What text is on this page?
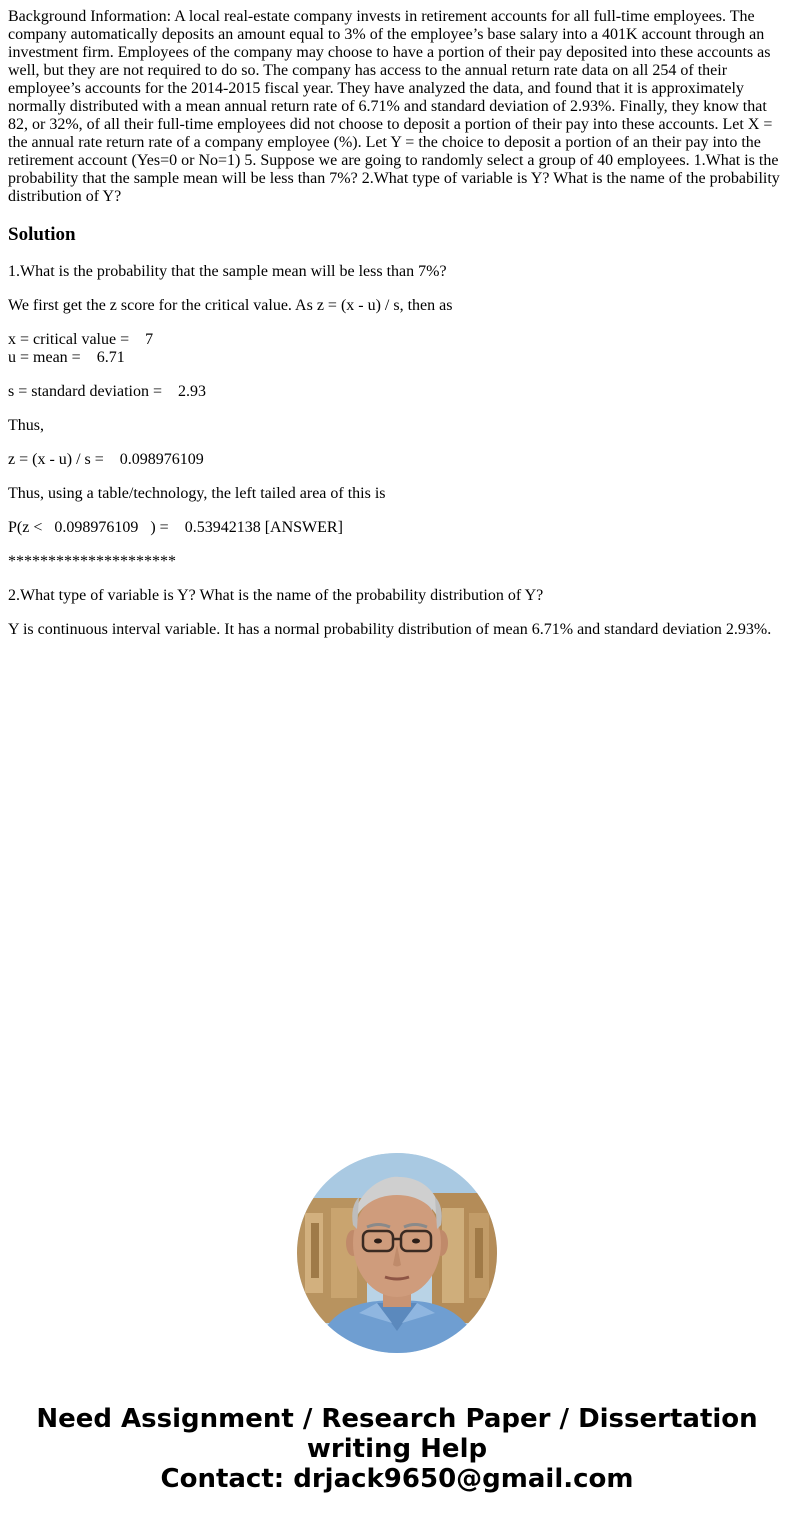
Background Information: A local real-estate company invests in retirement accounts for all full-time employees. The company automatically deposits an amount equal to 3% of the employee’s base salary into a 401K account through an investment firm. Employees of the company may choose to have a portion of their pay deposited into these accounts as well, but they are not required to do so. The company has access to the annual return rate data on all 254 of their employee’s accounts for the 2014-2015 fiscal year. They have analyzed the data, and found that it is approximately normally distributed with a mean annual return rate of 6.71% and standard deviation of 2.93%. Finally, they know that 82, or 32%, of all their full-time employees did not choose to deposit a portion of their pay into these accounts. Let X = the annual rate return rate of a company employee (%). Let Y = the choice to deposit a portion of an their pay into the retirement account (Yes=0 or No=1) 5. Suppose we are going to randomly select a group of 40 employees. 1.What is the probability that the sample mean will be less than 7%? 2.What type of variable is Y? What is the name of the probability distribution of Y?

Solution

1.What is the probability that the sample mean will be less than 7%?

We first get the z score for the critical value. As z = (x - u) / s, then as

x = critical value =    7
u = mean =    6.71

s = standard deviation =    2.93

Thus,

z = (x - u) / s =    0.098976109

Thus, using a table/technology, the left tailed area of this is

P(z <   0.098976109   ) =    0.53942138 [ANSWER]

*********************

2.What type of variable is Y? What is the name of the probability distribution of Y?

Y is continuous interval variable. It has a normal probability distribution of mean 6.71% and standard deviation 2.93%.

Need Assignment / Research Paper / Dissertation
writing Help
Contact: drjack9650@gmail.com
